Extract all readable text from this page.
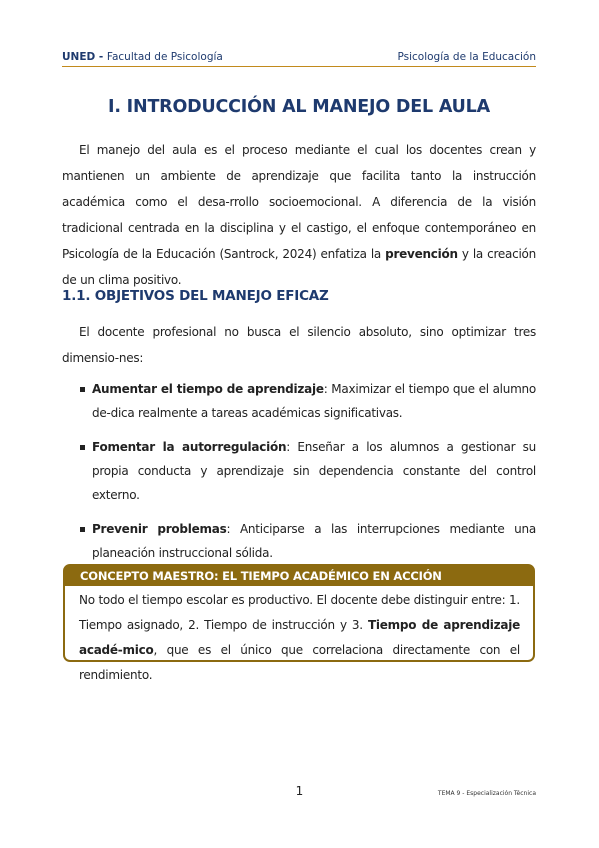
UNED - Facultad de Psicología	Psicología de la Educación
I. INTRODUCCIÓN AL MANEJO DEL AULA

El manejo del aula es el proceso mediante el cual los docentes crean y mantienen un ambiente de aprendizaje que facilita tanto la instrucción académica como el desa-rrollo socioemocional. A diferencia de la visión tradicional centrada en la disciplina y el castigo, el enfoque contemporáneo en Psicología de la Educación (Santrock, 2024) enfatiza la prevención y la creación de un clima positivo.

1.1. OBJETIVOS DEL MANEJO EFICAZ

El docente profesional no busca el silencio absoluto, sino optimizar tres dimensio-nes:

Aumentar el tiempo de aprendizaje: Maximizar el tiempo que el alumno de-dica realmente a tareas académicas significativas.
Fomentar la autorregulación: Enseñar a los alumnos a gestionar su propia conducta y aprendizaje sin dependencia constante del control externo.
Prevenir problemas: Anticiparse a las interrupciones mediante una planeación instruccional sólida.
CONCEPTO MAESTRO: EL TIEMPO ACADÉMICO EN ACCIÓN
No todo el tiempo escolar es productivo. El docente debe distinguir entre: 1. Tiempo asignado, 2. Tiempo de instrucción y 3. Tiempo de aprendizaje acadé-mico, que es el único que correlaciona directamente con el rendimiento.
1	TEMA 9 - Especialización Técnica
